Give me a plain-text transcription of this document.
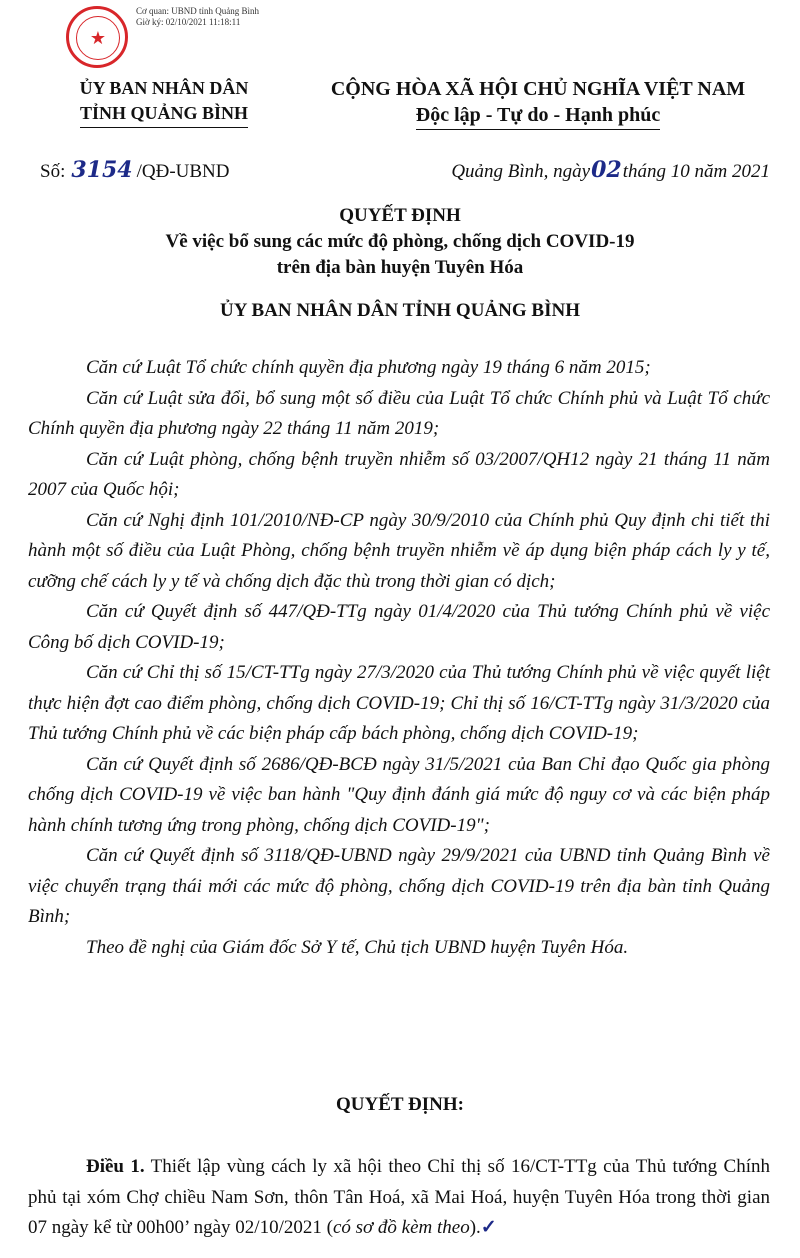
★
Cơ quan: UBND tỉnh Quảng Bình
Giờ ký: 02/10/2021 11:18:11
ỦY BAN NHÂN DÂN
TỈNH QUẢNG BÌNH
CỘNG HÒA XÃ HỘI CHỦ NGHĨA VIỆT NAM
Độc lập - Tự do - Hạnh phúc
Số: 3154 /QĐ-UBND	Quảng Bình, ngày02tháng 10 năm 2021
QUYẾT ĐỊNH
Về việc bổ sung các mức độ phòng, chống dịch COVID-19
trên địa bàn huyện Tuyên Hóa
ỦY BAN NHÂN DÂN TỈNH QUẢNG BÌNH

Căn cứ Luật Tổ chức chính quyền địa phương ngày 19 tháng 6 năm 2015;

Căn cứ Luật sửa đổi, bổ sung một số điều của Luật Tổ chức Chính phủ và Luật Tổ chức Chính quyền địa phương ngày 22 tháng 11 năm 2019;

Căn cứ Luật phòng, chống bệnh truyền nhiễm số 03/2007/QH12 ngày 21 tháng 11 năm 2007 của Quốc hội;

Căn cứ Nghị định 101/2010/NĐ-CP ngày 30/9/2010 của Chính phủ Quy định chi tiết thi hành một số điều của Luật Phòng, chống bệnh truyền nhiễm về áp dụng biện pháp cách ly y tế, cưỡng chế cách ly y tế và chống dịch đặc thù trong thời gian có dịch;

Căn cứ Quyết định số 447/QĐ-TTg ngày 01/4/2020 của Thủ tướng Chính phủ về việc Công bố dịch COVID-19;

Căn cứ Chỉ thị số 15/CT-TTg ngày 27/3/2020 của Thủ tướng Chính phủ về việc quyết liệt thực hiện đợt cao điểm phòng, chống dịch COVID-19; Chỉ thị số 16/CT-TTg ngày 31/3/2020 của Thủ tướng Chính phủ về các biện pháp cấp bách phòng, chống dịch COVID-19;

Căn cứ Quyết định số 2686/QĐ-BCĐ ngày 31/5/2021 của Ban Chỉ đạo Quốc gia phòng chống dịch COVID-19 về việc ban hành "Quy định đánh giá mức độ nguy cơ và các biện pháp hành chính tương ứng trong phòng, chống dịch COVID-19";

Căn cứ Quyết định số 3118/QĐ-UBND ngày 29/9/2021 của UBND tỉnh Quảng Bình về việc chuyển trạng thái mới các mức độ phòng, chống dịch COVID-19 trên địa bàn tỉnh Quảng Bình;

Theo đề nghị của Giám đốc Sở Y tế, Chủ tịch UBND huyện Tuyên Hóa.

QUYẾT ĐỊNH:
Điều 1. Thiết lập vùng cách ly xã hội theo Chỉ thị số 16/CT-TTg của Thủ tướng Chính phủ tại xóm Chợ chiều Nam Sơn, thôn Tân Hoá, xã Mai Hoá, huyện Tuyên Hóa trong thời gian 07 ngày kể từ 00h00’ ngày 02/10/2021 (có sơ đồ kèm theo).✓
